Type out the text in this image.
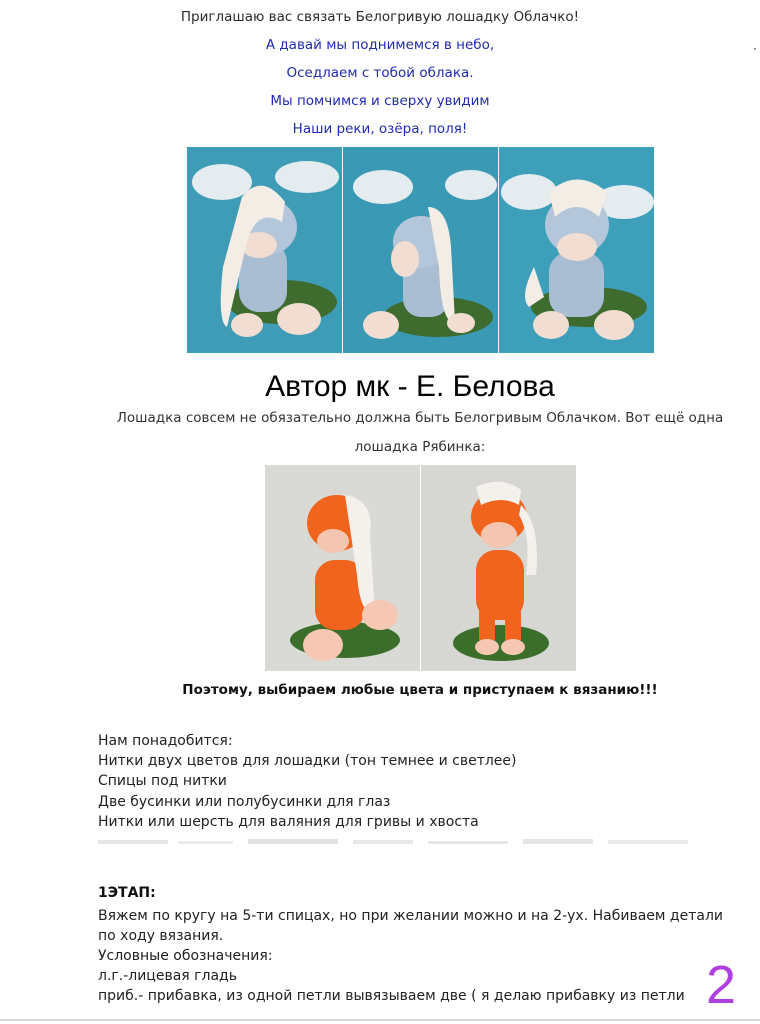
·
Приглашаю вас связать Белогривую лошадку Облачко!
А давай мы поднимемся в небо,
Оседлаем с тобой облака.
Мы помчимся и сверху увидим
Наши реки, озёра, поля!
Автор мк - Е. Белова
Лошадка совсем не обязательно должна быть Белогривым Облачком. Вот ещё одна
лошадка Рябинка:
Поэтому, выбираем любые цвета и приступаем к вязанию!!!
Нам понадобится:
Нитки двух цветов для лошадки (тон темнее и светлее)
Спицы под нитки
Две бусинки или полубусинки для глаз
Нитки или шерсть для валяния для гривы и хвоста
1ЭТАП:
Вяжем по кругу на 5-ти спицах, но при желании можно и на 2-ух. Набиваем детали
по ходу вязания.
Условные обозначения:
л.г.-лицевая гладь
приб.- прибавка, из одной петли вывязываем две ( я делаю прибавку из петли 2
